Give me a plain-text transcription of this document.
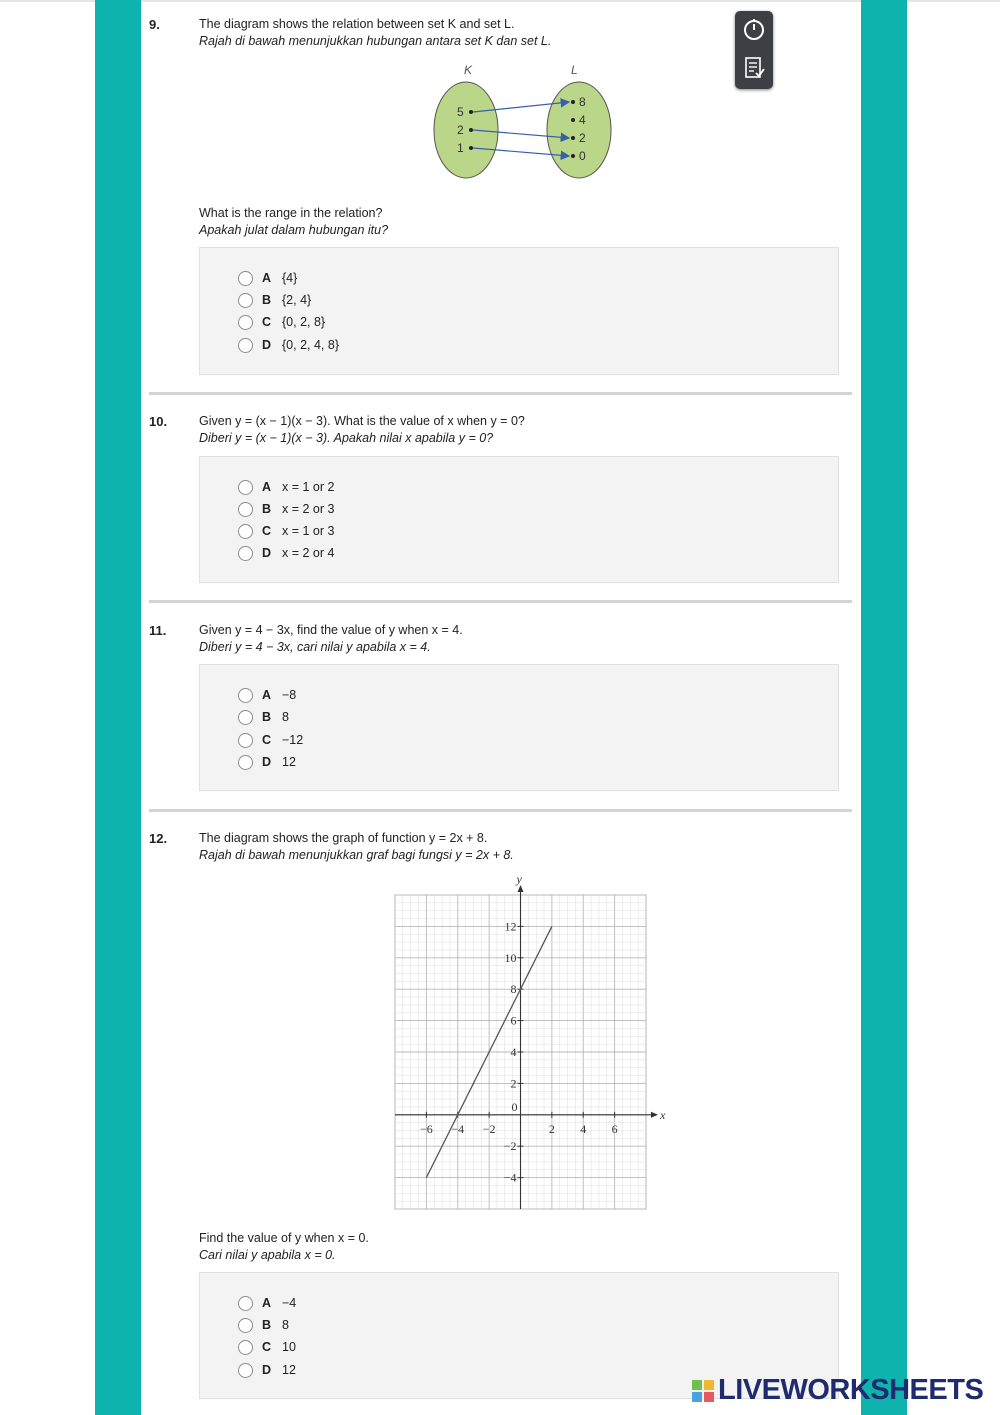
9.	The diagram shows the relation between set K and set L.
Rajah di bawah menunjukkan hubungan antara set K dan set L.
K	L
5
2
1
8
4
2
0
What is the range in the relation?
Apakah julat dalam hubungan itu?
A {4}
B {2, 4}
C {0, 2, 8}
D {0, 2, 4, 8}
10.	Given y = (x − 1)(x − 3). What is the value of x when y = 0?
Diberi y = (x − 1)(x − 3). Apakah nilai x apabila y = 0?
A x = 1 or 2
B x = 2 or 3
C x = 1 or 3
D x = 2 or 4
11.	Given y = 4 − 3x, find the value of y when x = 4.
Diberi y = 4 − 3x, cari nilai y apabila x = 4.
A −8
B 8
C −12
D 12
12.	The diagram shows the graph of function y = 2x + 8.
Rajah di bawah menunjukkan graf bagi fungsi y = 2x + 8.
x
y
−6 −4 −2	2 4 6
12
10
8
6
4
2
−2
−4
0
Find the value of y when x = 0.
Cari nilai y apabila x = 0.
A −4
B 8
C 10
D 12
LIVEWORKSHEETS
